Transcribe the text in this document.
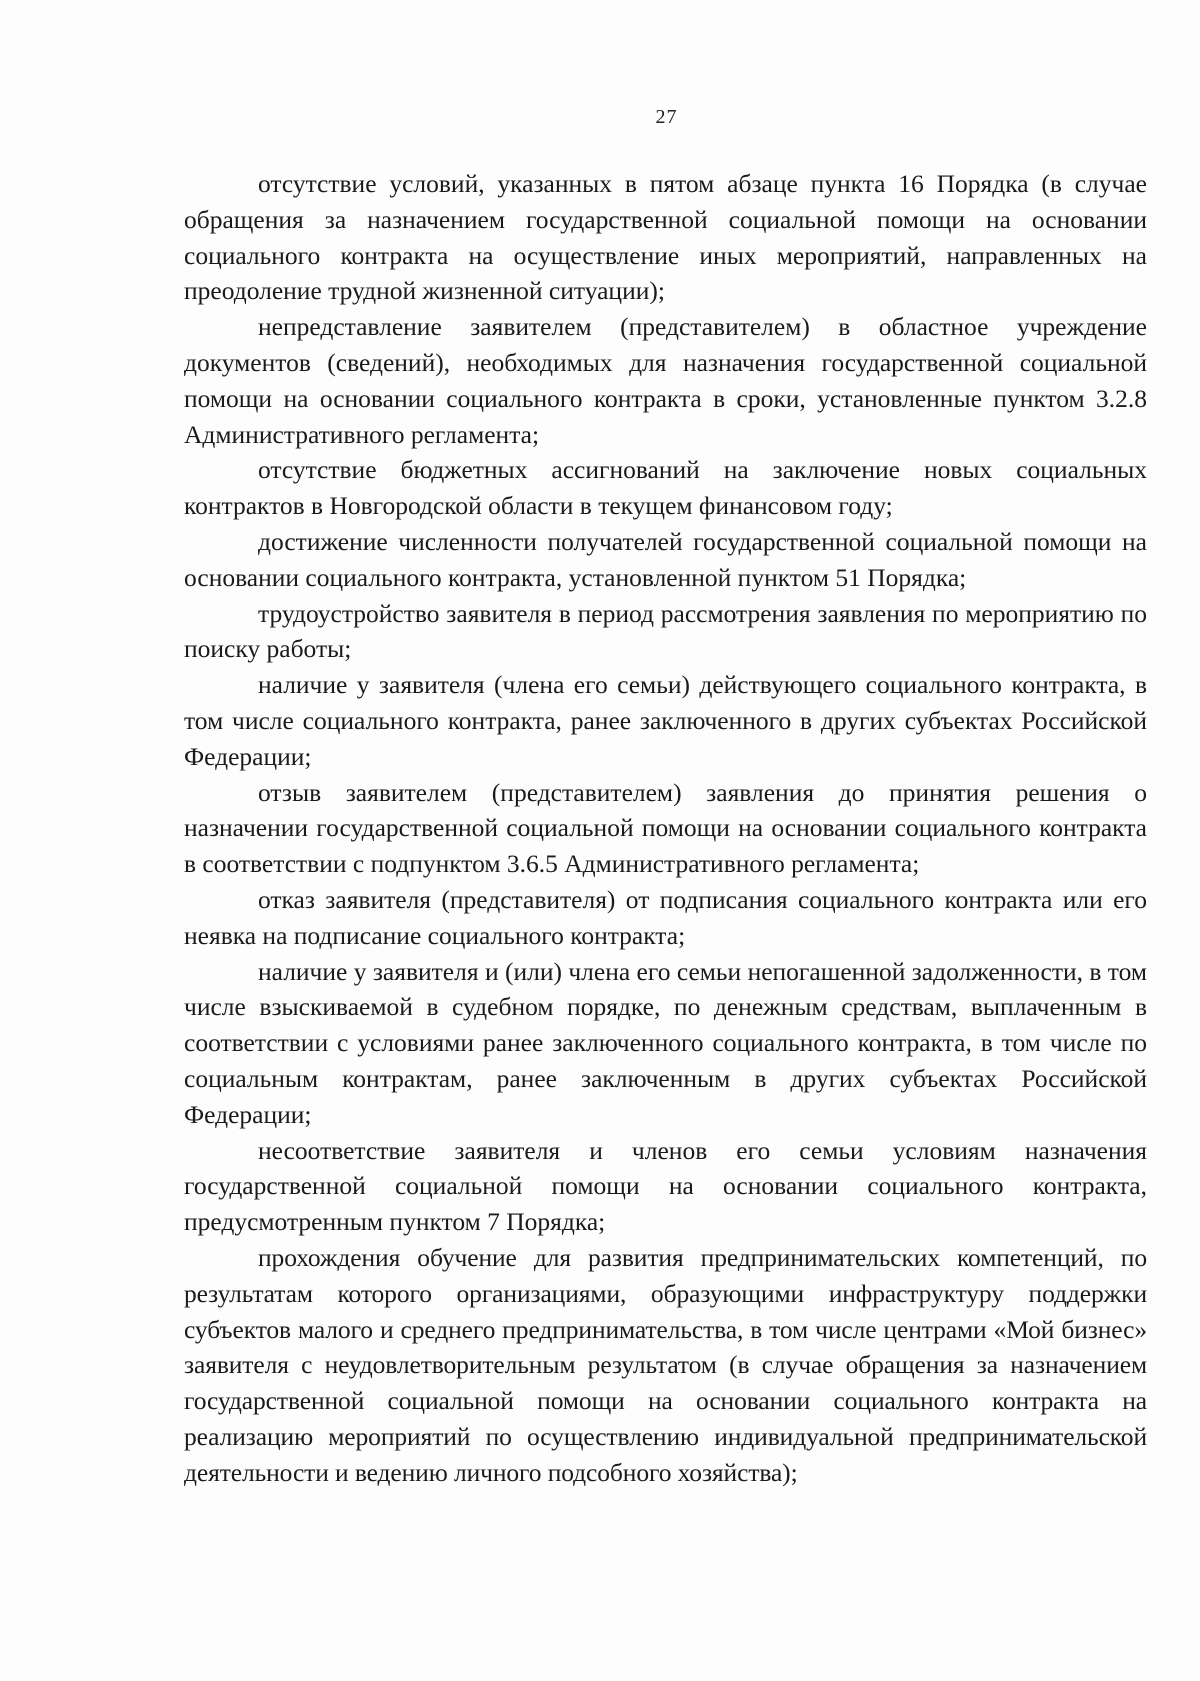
27

отсутствие условий, указанных в пятом абзаце пункта 16 Порядка (в случае обращения за назначением государственной социальной помощи на основании социального контракта на осуществление иных мероприятий, направленных на преодоление трудной жизненной ситуации);

непредставление заявителем (представителем) в областное учреждение документов (сведений), необходимых для назначения государственной социальной помощи на основании социального контракта в сроки, установленные пунктом 3.2.8 Административного регламента;

отсутствие бюджетных ассигнований на заключение новых социальных контрактов в Новгородской области в текущем финансовом году;

достижение численности получателей государственной социальной помощи на основании социального контракта, установленной пунктом 51 Порядка;

трудоустройство заявителя в период рассмотрения заявления по мероприятию по поиску работы;

наличие у заявителя (члена его семьи) действующего социального контракта, в том числе социального контракта, ранее заключенного в других субъектах Российской Федерации;

отзыв заявителем (представителем) заявления до принятия решения о назначении государственной социальной помощи на основании социального контракта в соответствии с подпунктом 3.6.5 Административного регламента;

отказ заявителя (представителя) от подписания социального контракта или его неявка на подписание социального контракта;

наличие у заявителя и (или) члена его семьи непогашенной задолженности, в том числе взыскиваемой в судебном порядке, по денежным средствам, выплаченным в соответствии с условиями ранее заключенного социального контракта, в том числе по социальным контрактам, ранее заключенным в других субъектах Российской Федерации;

несоответствие заявителя и членов его семьи условиям назначения государственной социальной помощи на основании социального контракта, предусмотренным пунктом 7 Порядка;

прохождения обучение для развития предпринимательских компетенций, по результатам которого организациями, образующими инфраструктуру поддержки субъектов малого и среднего предпринимательства, в том числе центрами «Мой бизнес» заявителя с неудовлетворительным результатом (в случае обращения за назначением государственной социальной помощи на основании социального контракта на реализацию мероприятий по осуществлению индивидуальной предпринимательской деятельности и ведению личного подсобного хозяйства);
